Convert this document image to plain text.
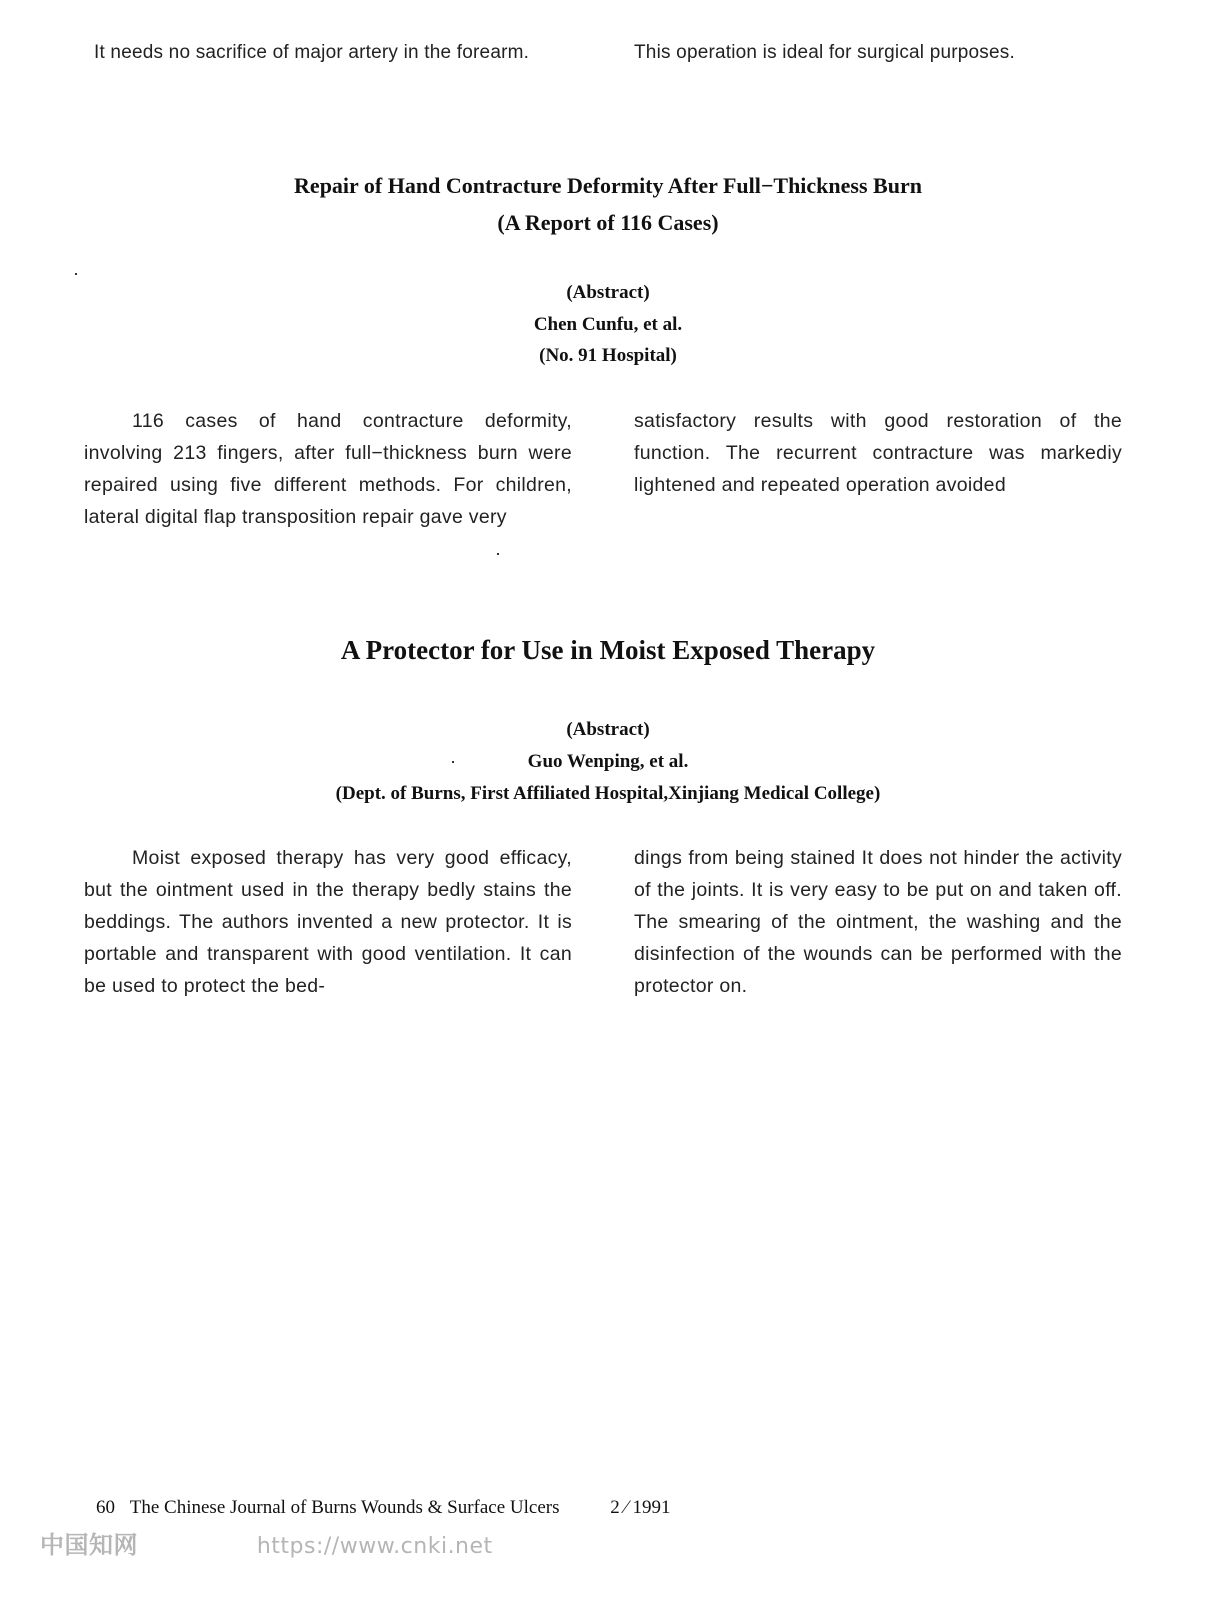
It needs no sacrifice of major artery in the forearm.	This operation is ideal for surgical purposes.
Repair of Hand Contracture Deformity After Full−Thickness Burn
(A Report of 116 Cases)
(Abstract)
Chen Cunfu, et al.
(No. 91 Hospital)

116 cases of hand contracture deformity, involving 213 fingers, after full−thickness burn were repaired using five different methods. For children, lateral digital flap transposition repair gave very

satisfactory results with good restoration of the function. The recurrent contracture was markediy lightened and repeated operation avoided

A Protector for Use in Moist Exposed Therapy
(Abstract)
Guo Wenping, et al.
(Dept. of Burns, First Affiliated Hospital,Xinjiang Medical College)

Moist exposed therapy has very good efficacy, but the ointment used in the therapy bedly stains the beddings. The authors invented a new protector. It is portable and transparent with good ventilation. It can be used to protect the bed-

dings from being stained It does not hinder the activity of the joints. It is very easy to be put on and taken off. The smearing of the ointment, the washing and the disinfection of the wounds can be performed with the protector on.

60 The Chinese Journal of Burns Wounds & Surface Ulcers	2 ⁄ 1991
中国知网	https://www.cnki.net
